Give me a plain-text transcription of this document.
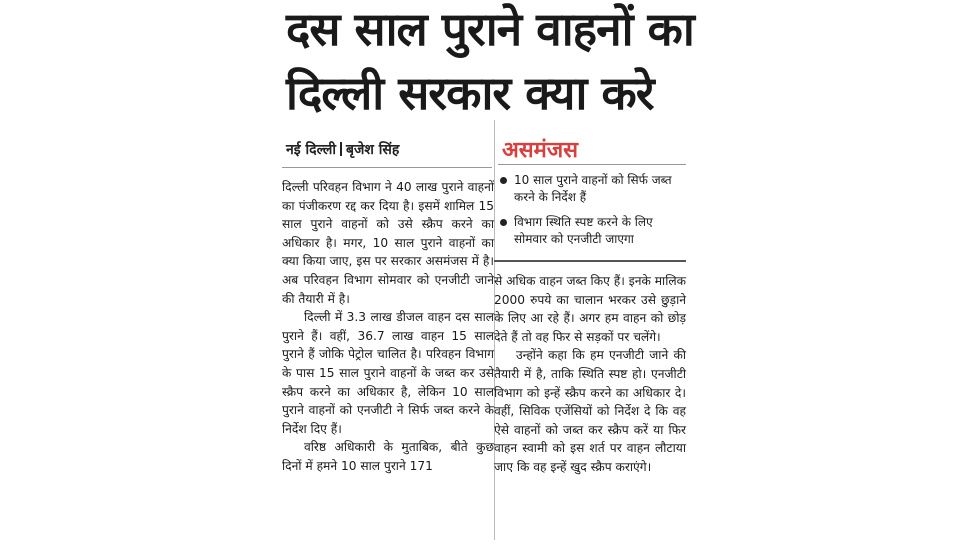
दस साल पुराने वाहनों का
दिल्ली सरकार क्या करे
नई दिल्ली बृजेश सिंह

दिल्ली परिवहन विभाग ने 40 लाख पुराने वाहनों का पंजीकरण रद्द कर दिया है। इसमें शामिल 15 साल पुराने वाहनों को उसे स्क्रैप करने का अधिकार है। मगर, 10 साल पुराने वाहनों का क्या किया जाए, इस पर सरकार असमंजस में है। अब परिवहन विभाग सोमवार को एनजीटी जाने की तैयारी में है।

दिल्ली में 3.3 लाख डीजल वाहन दस साल पुराने हैं। वहीं, 36.7 लाख वाहन 15 साल पुराने हैं जोकि पेट्रोल चालित है। परिवहन विभाग के पास 15 साल पुराने वाहनों के जब्त कर उसे स्क्रैप करने का अधिकार है, लेकिन 10 साल पुराने वाहनों को एनजीटी ने सिर्फ जब्त करने के निर्देश दिए हैं।

वरिष्ठ अधिकारी के मुताबिक, बीते कुछ दिनों में हमने 10 साल पुराने 171

असमंजस
10 साल पुराने वाहनों को सिर्फ जब्त करने के निर्देश हैं
विभाग स्थिति स्पष्ट करने के लिए सोमवार को एनजीटी जाएगा

से अधिक वाहन जब्त किए हैं। इनके मालिक 2000 रुपये का चालान भरकर उसे छुड़ाने के लिए आ रहे हैं। अगर हम वाहन को छोड़ देते हैं तो वह फिर से सड़कों पर चलेंगे।

उन्होंने कहा कि हम एनजीटी जाने की तैयारी में है, ताकि स्थिति स्पष्ट हो। एनजीटी विभाग को इन्हें स्क्रैप करने का अधिकार दे। वहीं, सिविक एजेंसियों को निर्देश दे कि वह ऐसे वाहनों को जब्त कर स्क्रैप करें या फिर वाहन स्वामी को इस शर्त पर वाहन लौटाया जाए कि वह इन्हें खुद स्क्रैप कराएंगे।
